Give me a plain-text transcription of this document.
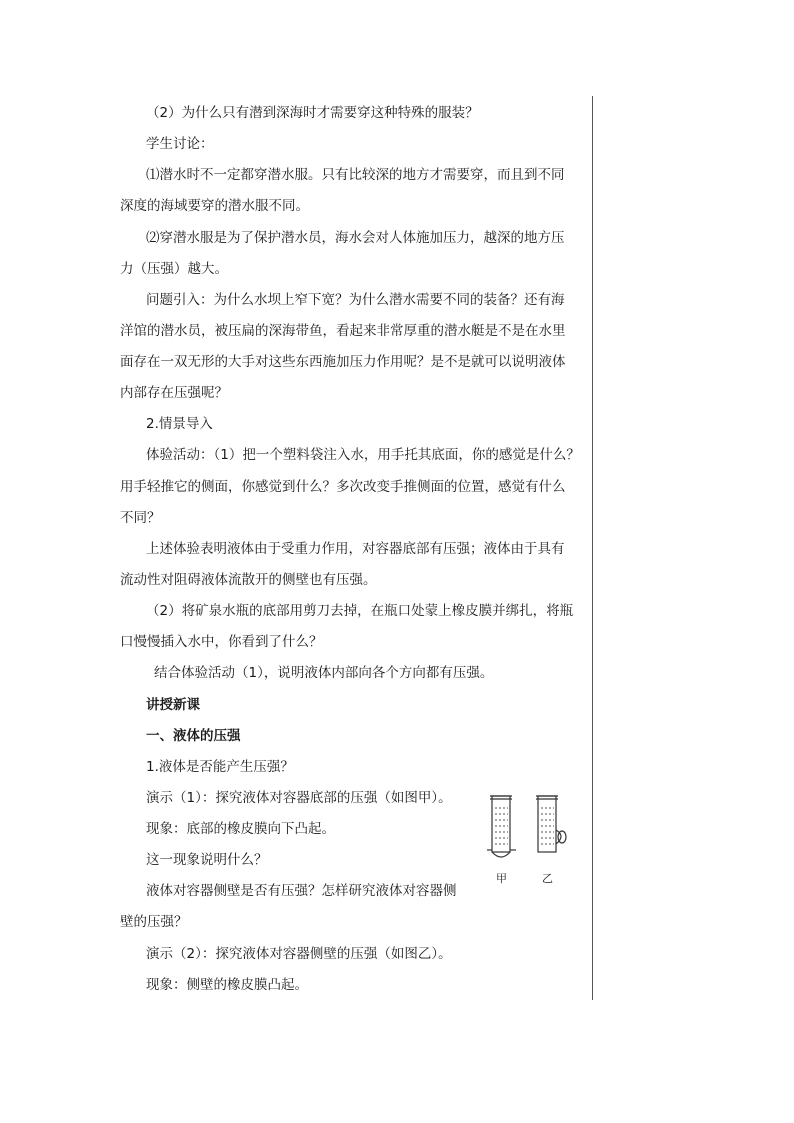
（2）为什么只有潜到深海时才需要穿这种特殊的服装？
学生讨论：
⑴潜水时不一定都穿潜水服。只有比较深的地方才需要穿，而且到不同
深度的海域要穿的潜水服不同。
⑵穿潜水服是为了保护潜水员，海水会对人体施加压力，越深的地方压
力（压强）越大。
问题引入：为什么水坝上窄下宽？为什么潜水需要不同的装备？还有海
洋馆的潜水员，被压扁的深海带鱼，看起来非常厚重的潜水艇是不是在水里
面存在一双无形的大手对这些东西施加压力作用呢？是不是就可以说明液体
内部存在压强呢？
2.情景导入
体验活动：（1）把一个塑料袋注入水，用手托其底面，你的感觉是什么？
用手轻推它的侧面，你感觉到什么？多次改变手推侧面的位置，感觉有什么
不同？
上述体验表明液体由于受重力作用，对容器底部有压强；液体由于具有
流动性对阻碍液体流散开的侧壁也有压强。
（2）将矿泉水瓶的底部用剪刀去掉，在瓶口处蒙上橡皮膜并绑扎，将瓶
口慢慢插入水中，你看到了什么？
结合体验活动（1），说明液体内部向各个方向都有压强。
讲授新课
一、液体的压强
1.液体是否能产生压强？
演示（1）：探究液体对容器底部的压强（如图甲）。
现象：底部的橡皮膜向下凸起。
这一现象说明什么？
液体对容器侧壁是否有压强？怎样研究液体对容器侧
壁的压强？
演示（2）：探究液体对容器侧壁的压强（如图乙）。
现象：侧壁的橡皮膜凸起。
甲	乙
